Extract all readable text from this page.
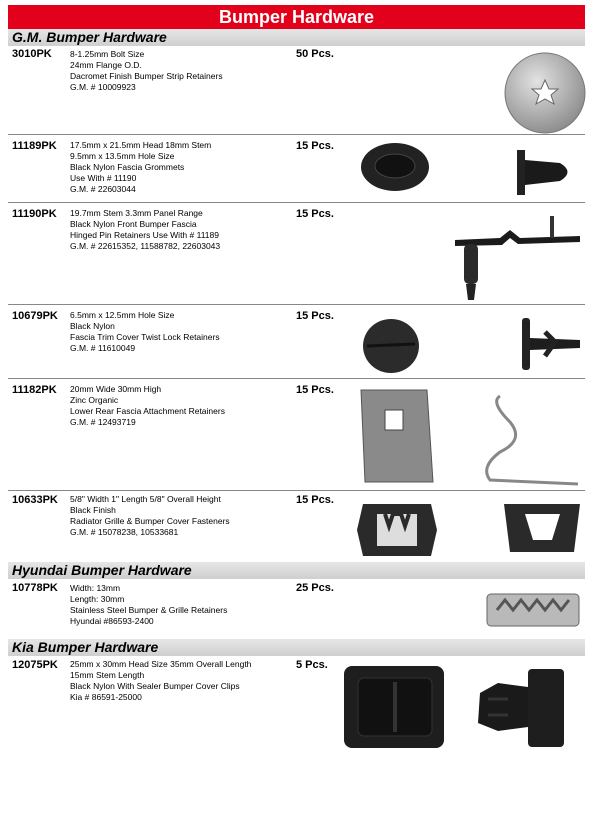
Bumper Hardware
G.M. Bumper Hardware
3010PK 8-1.25mm Bolt Size
24mm Flange O.D.
Dacromet Finish Bumper Strip Retainers
G.M. # 10009923
50 Pcs.
11189PK 17.5mm x 21.5mm Head 18mm Stem
9.5mm x 13.5mm Hole Size
Black Nylon Fascia Grommets
Use With # 11190
G.M. # 22603044
15 Pcs.
11190PK 19.7mm Stem 3.3mm Panel Range
Black Nylon Front Bumper Fascia
Hinged Pin Retainers Use With # 11189
G.M. # 22615352, 11588782, 22603043
15 Pcs.
10679PK 6.5mm x 12.5mm Hole Size
Black Nylon
Fascia Trim Cover Twist Lock Retainers
G.M. # 11610049
15 Pcs.
11182PK 20mm Wide 30mm High
Zinc Organic
Lower Rear Fascia Attachment Retainers
G.M. # 12493719
15 Pcs.
10633PK 5/8" Width 1" Length 5/8" Overall Height
Black Finish
Radiator Grille & Bumper Cover Fasteners
G.M. # 15078238, 10533681
15 Pcs.
Hyundai Bumper Hardware
10778PK Width: 13mm
Length: 30mm
Stainless Steel Bumper & Grille Retainers
Hyundai #86593-2400
25 Pcs.
Kia Bumper Hardware
12075PK 25mm x 30mm Head Size 35mm Overall Length
15mm Stem Length
Black Nylon With Sealer Bumper Cover Clips
Kia # 86591-25000
5 Pcs.
